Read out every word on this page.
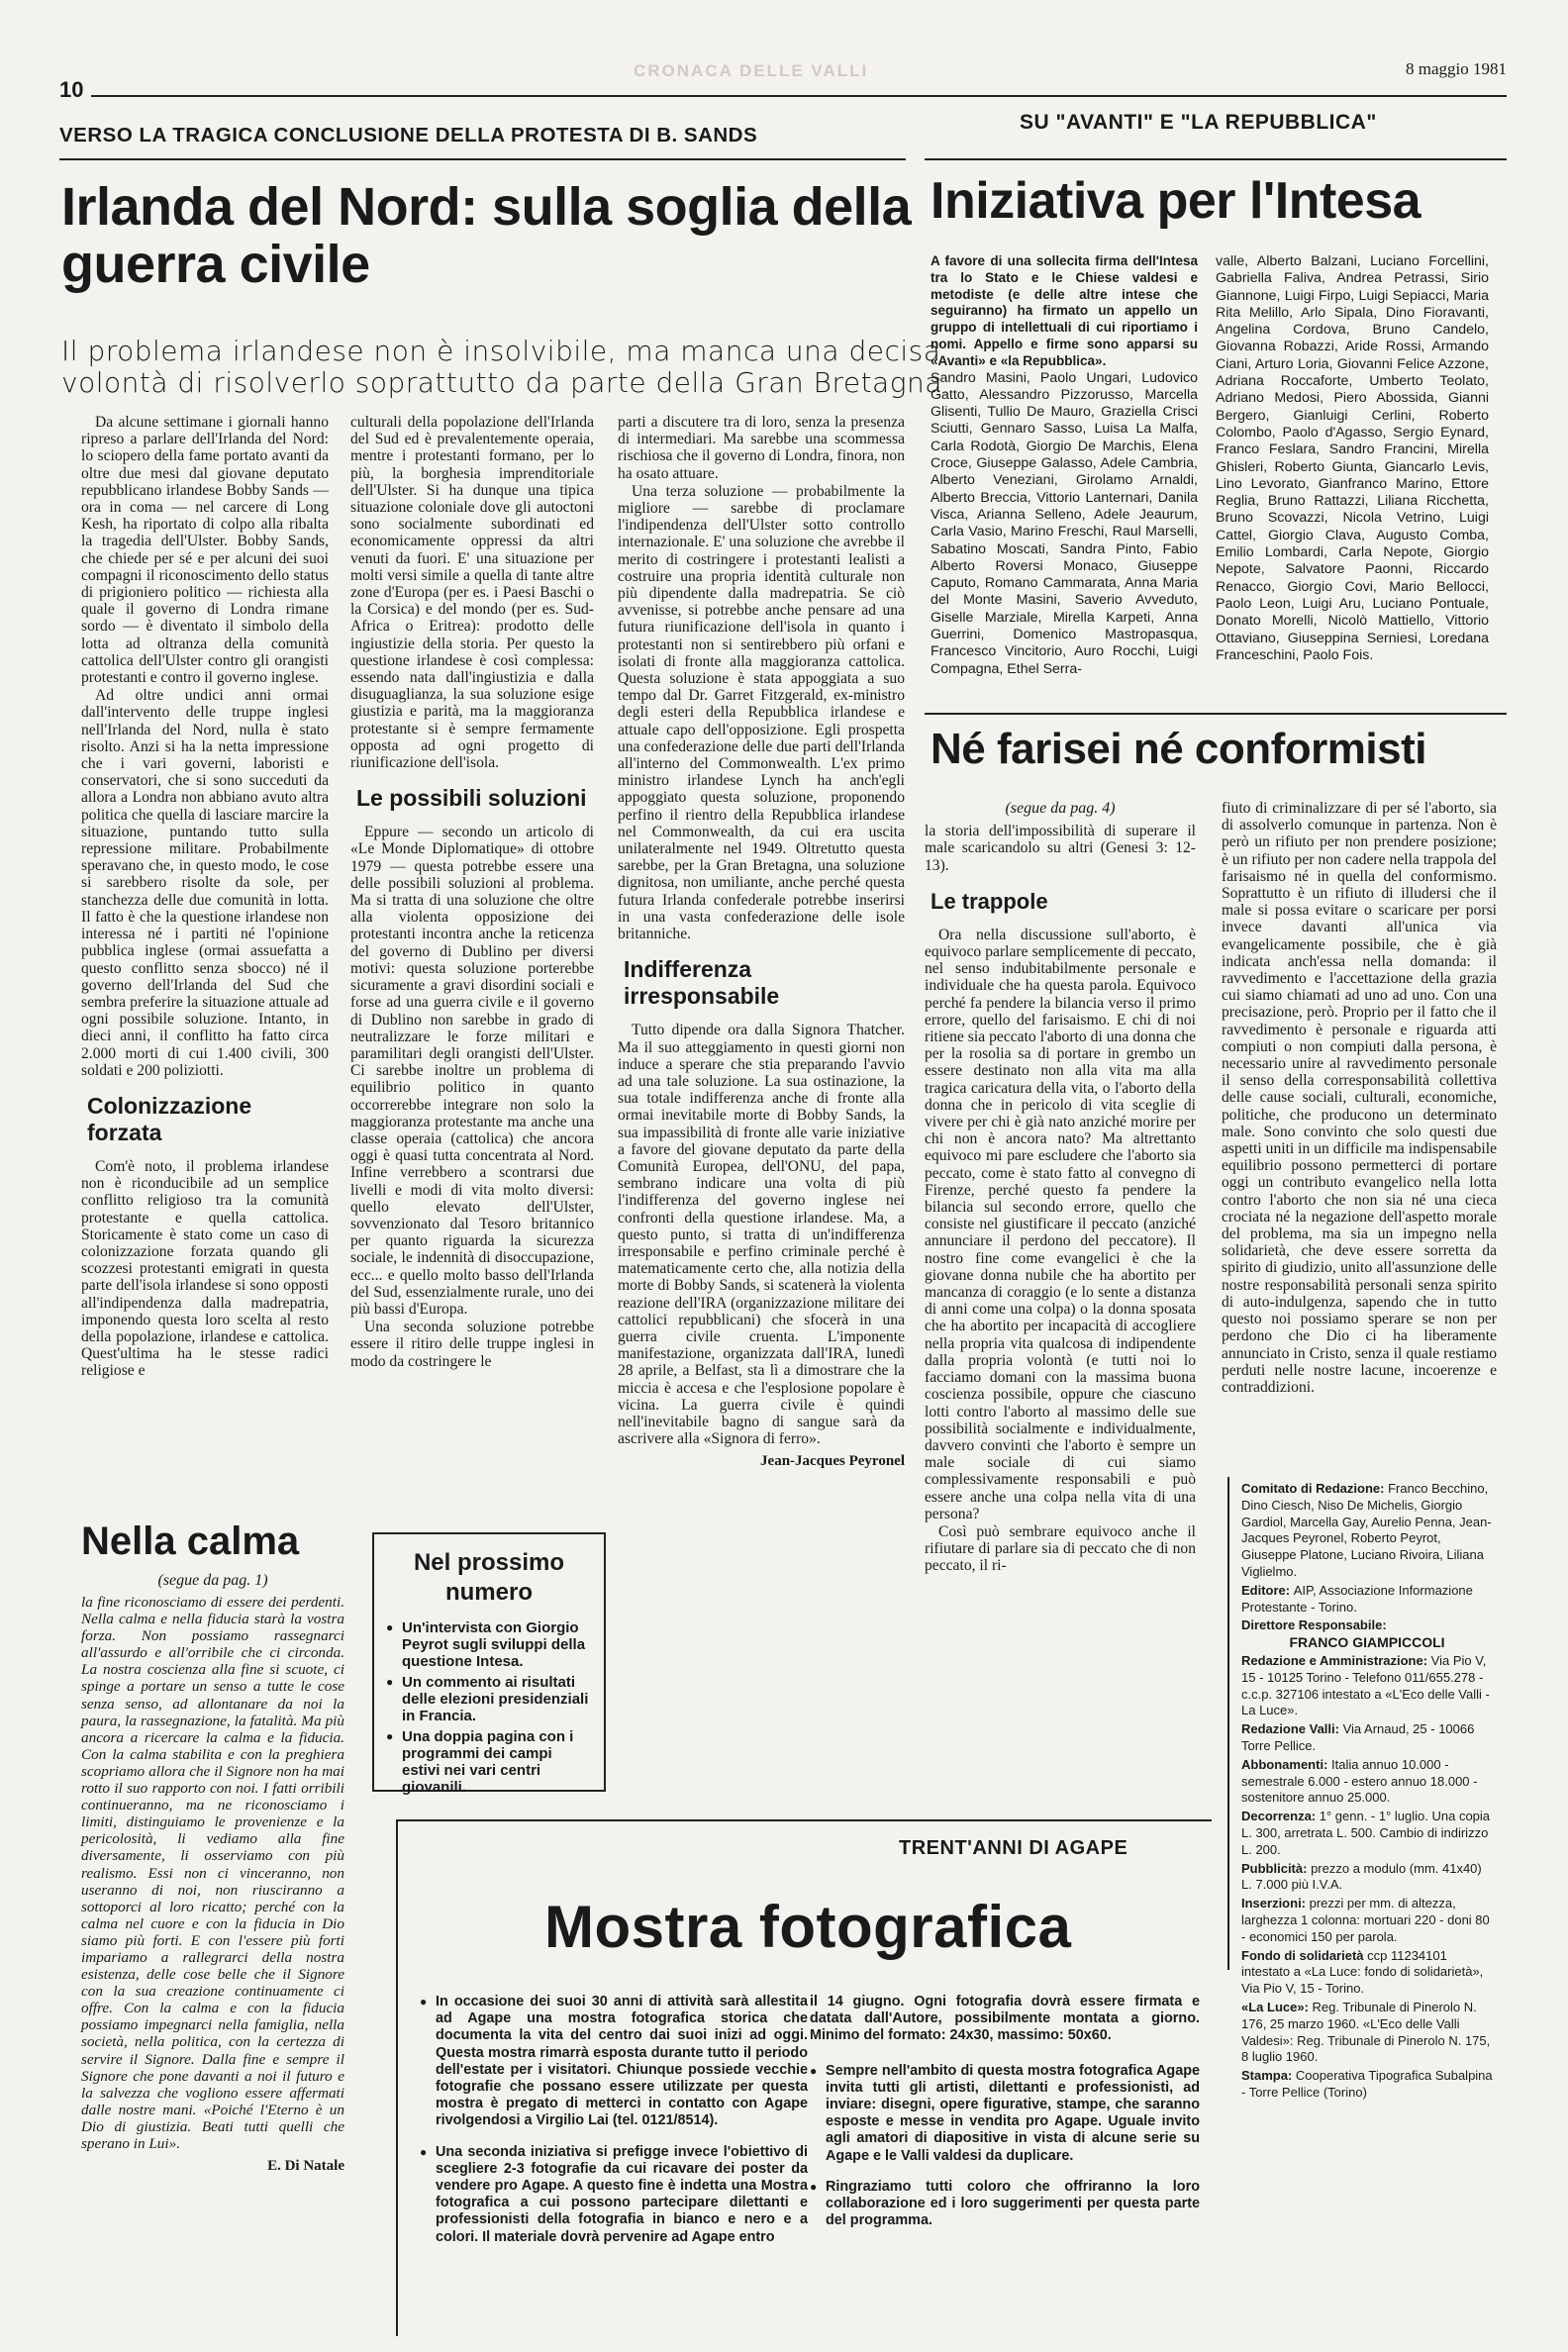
CRONACA DELLE VALLI
10
8 maggio 1981
VERSO LA TRAGICA CONCLUSIONE DELLA PROTESTA DI B. SANDS
Irlanda del Nord: sulla soglia della guerra civile
Il problema irlandese non è insolvibile, ma manca una decisa
volontà di risolverlo soprattutto da parte della Gran Bretagna

Da alcune settimane i giornali hanno ripreso a parlare dell'Irlanda del Nord: lo sciopero della fame portato avanti da oltre due mesi dal giovane deputato repubblicano irlandese Bobby Sands — ora in coma — nel carcere di Long Kesh, ha riportato di colpo alla ribalta la tragedia dell'Ulster. Bobby Sands, che chiede per sé e per alcuni dei suoi compagni il riconoscimento dello status di prigioniero politico — richiesta alla quale il governo di Londra rimane sordo — è diventato il simbolo della lotta ad oltranza della comunità cattolica dell'Ulster contro gli orangisti protestanti e contro il governo inglese.

Ad oltre undici anni ormai dall'intervento delle truppe inglesi nell'Irlanda del Nord, nulla è stato risolto. Anzi si ha la netta impressione che i vari governi, laboristi e conservatori, che si sono succeduti da allora a Londra non abbiano avuto altra politica che quella di lasciare marcire la situazione, puntando tutto sulla repressione militare. Probabilmente speravano che, in questo modo, le cose si sarebbero risolte da sole, per stanchezza delle due comunità in lotta. Il fatto è che la questione irlandese non interessa né i partiti né l'opinione pubblica inglese (ormai assuefatta a questo conflitto senza sbocco) né il governo dell'Irlanda del Sud che sembra preferire la situazione attuale ad ogni possibile soluzione. Intanto, in dieci anni, il conflitto ha fatto circa 2.000 morti di cui 1.400 civili, 300 soldati e 200 poliziotti.

Colonizzazione forzata

Com'è noto, il problema irlandese non è riconducibile ad un semplice conflitto religioso tra la comunità protestante e quella cattolica. Storicamente è stato come un caso di colonizzazione forzata quando gli scozzesi protestanti emigrati in questa parte dell'isola irlandese si sono opposti all'indipendenza dalla madrepatria, imponendo questa loro scelta al resto della popolazione, irlandese e cattolica. Quest'ultima ha le stesse radici religiose e

culturali della popolazione dell'Irlanda del Sud ed è prevalentemente operaia, mentre i protestanti formano, per lo più, la borghesia imprenditoriale dell'Ulster. Si ha dunque una tipica situazione coloniale dove gli autoctoni sono socialmente subordinati ed economicamente oppressi da altri venuti da fuori. E' una situazione per molti versi simile a quella di tante altre zone d'Europa (per es. i Paesi Baschi o la Corsica) e del mondo (per es. Sud-Africa o Eritrea): prodotto delle ingiustizie della storia. Per questo la questione irlandese è così complessa: essendo nata dall'ingiustizia e dalla disuguaglianza, la sua soluzione esige giustizia e parità, ma la maggioranza protestante si è sempre fermamente opposta ad ogni progetto di riunificazione dell'isola.

Le possibili soluzioni

Eppure — secondo un articolo di «Le Monde Diplomatique» di ottobre 1979 — questa potrebbe essere una delle possibili soluzioni al problema. Ma si tratta di una soluzione che oltre alla violenta opposizione dei protestanti incontra anche la reticenza del governo di Dublino per diversi motivi: questa soluzione porterebbe sicuramente a gravi disordini sociali e forse ad una guerra civile e il governo di Dublino non sarebbe in grado di neutralizzare le forze militari e paramilitari degli orangisti dell'Ulster. Ci sarebbe inoltre un problema di equilibrio politico in quanto occorrerebbe integrare non solo la maggioranza protestante ma anche una classe operaia (cattolica) che ancora oggi è quasi tutta concentrata al Nord. Infine verrebbero a scontrarsi due livelli e modi di vita molto diversi: quello elevato dell'Ulster, sovvenzionato dal Tesoro britannico per quanto riguarda la sicurezza sociale, le indennità di disoccupazione, ecc... e quello molto basso dell'Irlanda del Sud, essenzialmente rurale, uno dei più bassi d'Europa.

Una seconda soluzione potrebbe essere il ritiro delle truppe inglesi in modo da costringere le

parti a discutere tra di loro, senza la presenza di intermediari. Ma sarebbe una scommessa rischiosa che il governo di Londra, finora, non ha osato attuare.

Una terza soluzione — probabilmente la migliore — sarebbe di proclamare l'indipendenza dell'Ulster sotto controllo internazionale. E' una soluzione che avrebbe il merito di costringere i protestanti lealisti a costruire una propria identità culturale non più dipendente dalla madrepatria. Se ciò avvenisse, si potrebbe anche pensare ad una futura riunificazione dell'isola in quanto i protestanti non si sentirebbero più orfani e isolati di fronte alla maggioranza cattolica. Questa soluzione è stata appoggiata a suo tempo dal Dr. Garret Fitzgerald, ex-ministro degli esteri della Repubblica irlandese e attuale capo dell'opposizione. Egli prospetta una confederazione delle due parti dell'Irlanda all'interno del Commonwealth. L'ex primo ministro irlandese Lynch ha anch'egli appoggiato questa soluzione, proponendo perfino il rientro della Repubblica irlandese nel Commonwealth, da cui era uscita unilateralmente nel 1949. Oltretutto questa sarebbe, per la Gran Bretagna, una soluzione dignitosa, non umiliante, anche perché questa futura Irlanda confederale potrebbe inserirsi in una vasta confederazione delle isole britanniche.

Indifferenza irresponsabile

Tutto dipende ora dalla Signora Thatcher. Ma il suo atteggiamento in questi giorni non induce a sperare che stia preparando l'avvio ad una tale soluzione. La sua ostinazione, la sua totale indifferenza anche di fronte alla ormai inevitabile morte di Bobby Sands, la sua impassibilità di fronte alle varie iniziative a favore del giovane deputato da parte della Comunità Europea, dell'ONU, del papa, sembrano indicare una volta di più l'indifferenza del governo inglese nei confronti della questione irlandese. Ma, a questo punto, si tratta di un'indifferenza irresponsabile e perfino criminale perché è matematicamente certo che, alla notizia della morte di Bobby Sands, si scatenerà la violenta reazione dell'IRA (organizzazione militare dei cattolici repubblicani) che sfocerà in una guerra civile cruenta. L'imponente manifestazione, organizzata dall'IRA, lunedì 28 aprile, a Belfast, sta lì a dimostrare che la miccia è accesa e che l'esplosione popolare è vicina. La guerra civile è quindi nell'inevitabile bagno di sangue sarà da ascrivere alla «Signora di ferro».

Jean-Jacques Peyronel
Nella calma
(segue da pag. 1)
la fine riconosciamo di essere dei perdenti. Nella calma e nella fiducia starà la vostra forza. Non possiamo rassegnarci all'assurdo e all'orribile che ci circonda. La nostra coscienza alla fine si scuote, ci spinge a portare un senso a tutte le cose senza senso, ad allontanare da noi la paura, la rassegnazione, la fatalità. Ma più ancora a ricercare la calma e la fiducia. Con la calma stabilita e con la preghiera scopriamo allora che il Signore non ha mai rotto il suo rapporto con noi. I fatti orribili continueranno, ma ne riconosciamo i limiti, distinguiamo le provenienze e la pericolosità, li vediamo alla fine diversamente, li osserviamo con più realismo. Essi non ci vinceranno, non useranno di noi, non riusciranno a sottoporci al loro ricatto; perché con la calma nel cuore e con la fiducia in Dio siamo più forti. E con l'essere più forti impariamo a rallegrarci della nostra esistenza, delle cose belle che il Signore con la sua creazione continuamente ci offre. Con la calma e con la fiducia possiamo impegnarci nella famiglia, nella società, nella politica, con la certezza di servire il Signore. Dalla fine e sempre il Signore che pone davanti a noi il futuro e la salvezza che vogliono essere affermati dalle nostre mani. «Poiché l'Eterno è un Dio di giustizia. Beati tutti quelli che sperano in Lui».
E. Di Natale
Nel prossimo numero
● Un'intervista con Giorgio Peyrot sugli sviluppi della questione Intesa.
● Un commento ai risultati delle elezioni presidenziali in Francia.
● Una doppia pagina con i programmi dei campi estivi nei vari centri giovanili.
SU "AVANTI" E "LA REPUBBLICA"
Iniziativa per l'Intesa
A favore di una sollecita firma dell'Intesa tra lo Stato e le Chiese valdesi e metodiste (e delle altre intese che seguiranno) ha firmato un appello un gruppo di intellettuali di cui riportiamo i nomi. Appello e firme sono apparsi su «Avanti» e «la Repubblica».
Sandro Masini, Paolo Ungari, Ludovico Gatto, Alessandro Pizzorusso, Marcella Glisenti, Tullio De Mauro, Graziella Crisci Sciutti, Gennaro Sasso, Luisa La Malfa, Carla Rodotà, Giorgio De Marchis, Elena Croce, Giuseppe Galasso, Adele Cambria, Alberto Veneziani, Girolamo Arnaldi, Alberto Breccia, Vittorio Lanternari, Danila Visca, Arianna Selleno, Adele Jeaurum, Carla Vasio, Marino Freschi, Raul Marselli, Sabatino Moscati, Sandra Pinto, Fabio Alberto Roversi Monaco, Giuseppe Caputo, Romano Cammarata, Anna Maria del Monte Masini, Saverio Avveduto, Giselle Marziale, Mirella Karpeti, Anna Guerrini, Domenico Mastropasqua, Francesco Vincitorio, Auro Rocchi, Luigi Compagna, Ethel Serra-
valle, Alberto Balzani, Luciano Forcellini, Gabriella Faliva, Andrea Petrassi, Sirio Giannone, Luigi Firpo, Luigi Sepiacci, Maria Rita Melillo, Arlo Sipala, Dino Fioravanti, Angelina Cordova, Bruno Candelo, Giovanna Robazzi, Aride Rossi, Armando Ciani, Arturo Loria, Giovanni Felice Azzone, Adriana Roccaforte, Umberto Teolato, Adriano Medosi, Piero Abossida, Gianni Bergero, Gianluigi Cerlini, Roberto Colombo, Paolo d'Agasso, Sergio Eynard, Franco Feslara, Sandro Francini, Mirella Ghisleri, Roberto Giunta, Giancarlo Levis, Lino Levorato, Gianfranco Marino, Ettore Reglia, Bruno Rattazzi, Liliana Ricchetta, Bruno Scovazzi, Nicola Vetrino, Luigi Cattel, Giorgio Clava, Augusto Comba, Emilio Lombardi, Carla Nepote, Giorgio Nepote, Salvatore Paonni, Riccardo Renacco, Giorgio Covi, Mario Bellocci, Paolo Leon, Luigi Aru, Luciano Pontuale, Donato Morelli, Nicolò Mattiello, Vittorio Ottaviano, Giuseppina Serniesi, Loredana Franceschini, Paolo Fois.
Né farisei né conformisti
(segue da pag. 4)

la storia dell'impossibilità di superare il male scaricandolo su altri (Genesi 3: 12-13).

Le trappole

Ora nella discussione sull'aborto, è equivoco parlare semplicemente di peccato, nel senso indubitabilmente personale e individuale che ha questa parola. Equivoco perché fa pendere la bilancia verso il primo errore, quello del farisaismo. E chi di noi ritiene sia peccato l'aborto di una donna che per la rosolia sa di portare in grembo un essere destinato non alla vita ma alla tragica caricatura della vita, o l'aborto della donna che in pericolo di vita sceglie di vivere per chi è già nato anziché morire per chi non è ancora nato? Ma altrettanto equivoco mi pare escludere che l'aborto sia peccato, come è stato fatto al convegno di Firenze, perché questo fa pendere la bilancia sul secondo errore, quello che consiste nel giustificare il peccato (anziché annunciare il perdono del peccatore). Il nostro fine come evangelici è che la giovane donna nubile che ha abortito per mancanza di coraggio (e lo sente a distanza di anni come una colpa) o la donna sposata che ha abortito per incapacità di accogliere nella propria vita qualcosa di indipendente dalla propria volontà (e tutti noi lo facciamo domani con la massima buona coscienza possibile, oppure che ciascuno lotti contro l'aborto al massimo delle sue possibilità socialmente e individualmente, davvero convinti che l'aborto è sempre un male sociale di cui siamo complessivamente responsabili e può essere anche una colpa nella vita di una persona?

Così può sembrare equivoco anche il rifiutare di parlare sia di peccato che di non peccato, il ri-

fiuto di criminalizzare di per sé l'aborto, sia di assolverlo comunque in partenza. Non è però un rifiuto per non prendere posizione; è un rifiuto per non cadere nella trappola del farisaismo né in quella del conformismo. Soprattutto è un rifiuto di illudersi che il male si possa evitare o scaricare per porsi invece davanti all'unica via evangelicamente possibile, che è già indicata anch'essa nella domanda: il ravvedimento e l'accettazione della grazia cui siamo chiamati ad uno ad uno. Con una precisazione, però. Proprio per il fatto che il ravvedimento è personale e riguarda atti compiuti o non compiuti dalla persona, è necessario unire al ravvedimento personale il senso della corresponsabilità collettiva delle cause sociali, culturali, economiche, politiche, che producono un determinato male. Sono convinto che solo questi due aspetti uniti in un difficile ma indispensabile equilibrio possono permetterci di portare oggi un contributo evangelico nella lotta contro l'aborto che non sia né una cieca crociata né la negazione dell'aspetto morale del problema, ma sia un impegno nella solidarietà, che deve essere sorretta da spirito di giudizio, unito all'assunzione delle nostre responsabilità personali senza spirito di auto-indulgenza, sapendo che in tutto questo noi possiamo sperare se non per perdono che Dio ci ha liberamente annunciato in Cristo, senza il quale restiamo perduti nelle nostre lacune, incoerenze e contraddizioni.

Comitato di Redazione: Franco Becchino, Dino Ciesch, Niso De Michelis, Giorgio Gardiol, Marcella Gay, Aurelio Penna, Jean-Jacques Peyronel, Roberto Peyrot, Giuseppe Platone, Luciano Rivoira, Liliana Viglielmo.
Editore: AIP, Associazione Informazione Protestante - Torino.
Direttore Responsabile:
FRANCO GIAMPICCOLI
Redazione e Amministrazione: Via Pio V, 15 - 10125 Torino - Telefono 011/655.278 - c.c.p. 327106 intestato a «L'Eco delle Valli - La Luce».
Redazione Valli: Via Arnaud, 25 - 10066 Torre Pellice.
Abbonamenti: Italia annuo 10.000 - semestrale 6.000 - estero annuo 18.000 - sostenitore annuo 25.000.
Decorrenza: 1° genn. - 1° luglio. Una copia L. 300, arretrata L. 500. Cambio di indirizzo L. 200.
Pubblicità: prezzo a modulo (mm. 41x40) L. 7.000 più I.V.A.
Inserzioni: prezzi per mm. di altezza, larghezza 1 colonna: mortuari 220 - doni 80 - economici 150 per parola.
Fondo di solidarietà ccp 11234101 intestato a «La Luce: fondo di solidarietà», Via Pio V, 15 - Torino.
«La Luce»: Reg. Tribunale di Pinerolo N. 176, 25 marzo 1960. «L'Eco delle Valli Valdesi»: Reg. Tribunale di Pinerolo N. 175, 8 luglio 1960.
Stampa: Cooperativa Tipografica Subalpina - Torre Pellice (Torino)
TRENT'ANNI DI AGAPE
Mostra fotografica
● In occasione dei suoi 30 anni di attività sarà allestita ad Agape una mostra fotografica storica che documenta la vita del centro dai suoi inizi ad oggi. Questa mostra rimarrà esposta durante tutto il periodo dell'estate per i visitatori. Chiunque possiede vecchie fotografie che possano essere utilizzate per questa mostra è pregato di metterci in contatto con Agape rivolgendosi a Virgilio Lai (tel. 0121/8514).
● Una seconda iniziativa si prefigge invece l'obiettivo di scegliere 2-3 fotografie da cui ricavare dei poster da vendere pro Agape. A questo fine è indetta una Mostra fotografica a cui possono partecipare dilettanti e professionisti della fotografia in bianco e nero e a colori. Il materiale dovrà pervenire ad Agape entro
il 14 giugno. Ogni fotografia dovrà essere firmata e datata dall'Autore, possibilmente montata a giorno. Minimo del formato: 24x30, massimo: 50x60.
● Sempre nell'ambito di questa mostra fotografica Agape invita tutti gli artisti, dilettanti e professionisti, ad inviare: disegni, opere figurative, stampe, che saranno esposte e messe in vendita pro Agape. Uguale invito agli amatori di diapositive in vista di alcune serie su Agape e le Valli valdesi da duplicare.
● Ringraziamo tutti coloro che offriranno la loro collaborazione ed i loro suggerimenti per questa parte del programma.
